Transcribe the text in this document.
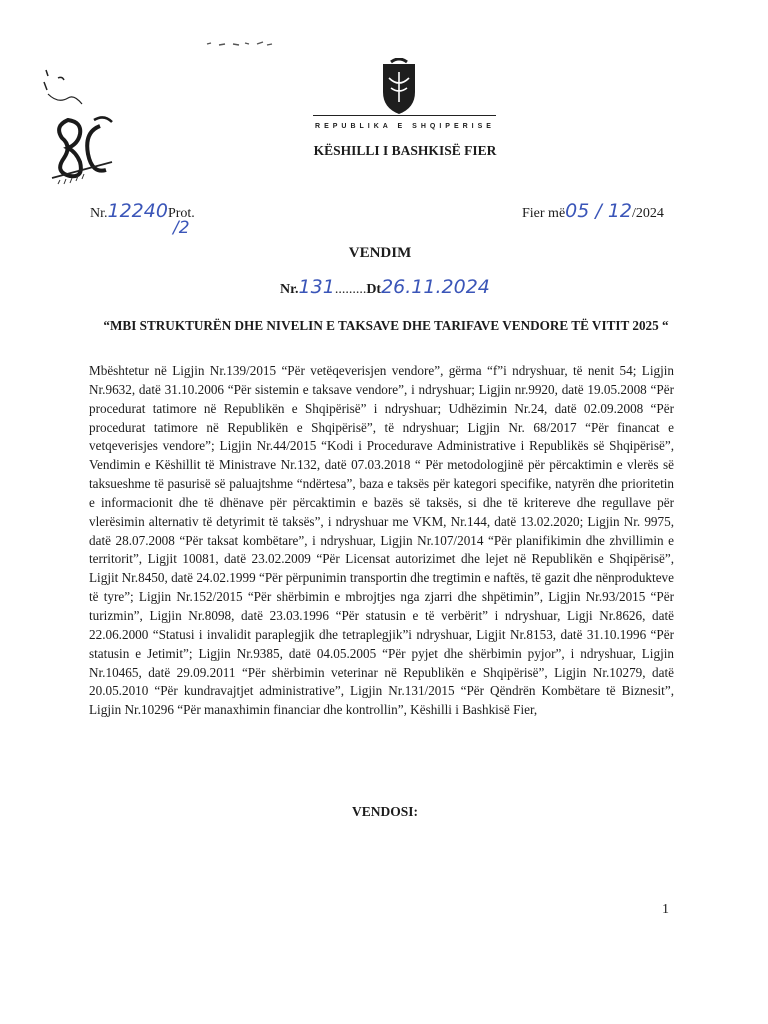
REPUBLIKA E SHQIPERISE
KËSHILLI I BASHKISË FIER
Nr.12240Prot.
/2
Fier më05 / 12/2024
VENDIM
Nr.131.........Dt26.11.2024
“MBI STRUKTURËN DHE NIVELIN E TAKSAVE DHE TARIFAVE VENDORE TË VITIT 2025 “

Mbështetur në Ligjin Nr.139/2015 “Për vetëqeverisjen vendore”, gërma “f”i ndryshuar, të nenit 54; Ligjin Nr.9632, datë 31.10.2006 “Për sistemin e taksave vendore”, i ndryshuar; Ligjin nr.9920, datë 19.05.2008 “Për procedurat tatimore në Republikën e Shqipërisë” i ndryshuar; Udhëzimin Nr.24, datë 02.09.2008 “Për procedurat tatimore në Republikën e Shqipërisë”, të ndryshuar; Ligjin Nr. 68/2017 “Për financat e vetqeverisjes vendore”; Ligjin Nr.44/2015 “Kodi i Procedurave Administrative i Republikës së Shqipërisë”, Vendimin e Këshillit të Ministrave Nr.132, datë 07.03.2018 “ Për metodologjinë për përcaktimin e vlerës së taksueshme të pasurisë së paluajtshme “ndërtesa”, baza e taksës për kategori specifike, natyrën dhe prioritetin e informacionit dhe të dhënave për përcaktimin e bazës së taksës, si dhe të kritereve dhe regullave për vlerësimin alternativ të detyrimit të taksës”, i ndryshuar me VKM, Nr.144, datë 13.02.2020; Ligjin Nr. 9975, datë 28.07.2008 “Për taksat kombëtare”, i ndryshuar, Ligjin Nr.107/2014 “Për planifikimin dhe zhvillimin e territorit”, Ligjit 10081, datë 23.02.2009 “Për Licensat autorizimet dhe lejet në Republikën e Shqipërisë”, Ligjit Nr.8450, datë 24.02.1999 “Për përpunimin transportin dhe tregtimin e naftës, të gazit dhe nënprodukteve të tyre”; Ligjin Nr.152/2015 “Për shërbimin e mbrojtjes nga zjarri dhe shpëtimin”, Ligjin Nr.93/2015 “Për turizmin”, Ligjin Nr.8098, datë 23.03.1996 “Për statusin e të verbërit” i ndryshuar, Ligji Nr.8626, datë 22.06.2000 “Statusi i invalidit paraplegjik dhe tetraplegjik”i ndryshuar, Ligjit Nr.8153, datë 31.10.1996 “Për statusin e Jetimit”; Ligjin Nr.9385, datë 04.05.2005 “Për pyjet dhe shërbimin pyjor”, i ndryshuar, Ligjin Nr.10465, datë 29.09.2011 “Për shërbimin veterinar në Republikën e Shqipërisë”, Ligjin Nr.10279, datë 20.05.2010 “Për kundravajtjet administrative”, Ligjin Nr.131/2015 “Për Qëndrën Kombëtare të Biznesit”, Ligjin Nr.10296 “Për manaxhimin financiar dhe kontrollin”, Këshilli i Bashkisë Fier,

VENDOSI:
1
